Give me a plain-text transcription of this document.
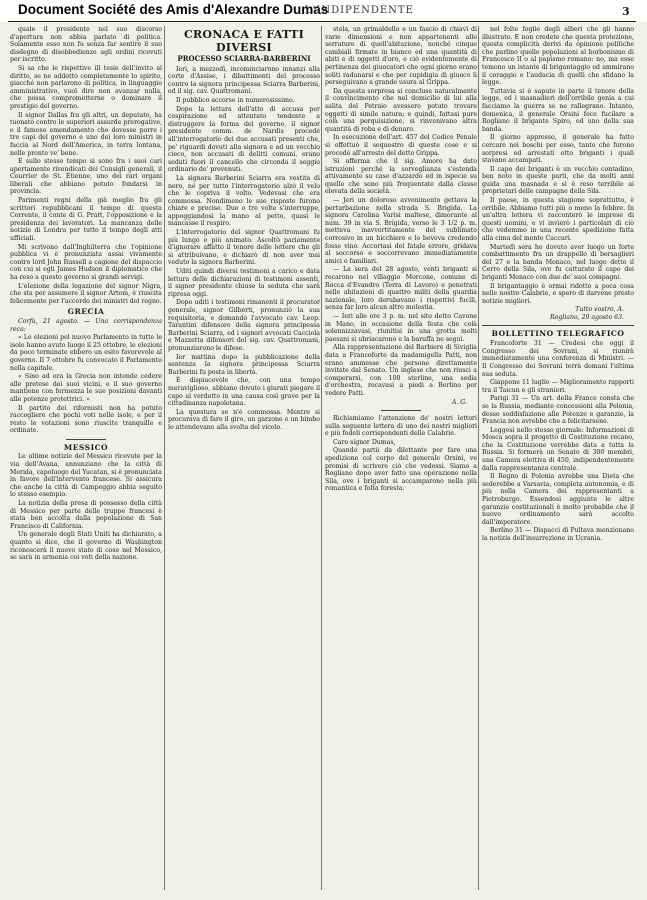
Document Société des Amis d'Alexandre Dumas
L'INDIPENDENTE	3

quale il presidente nel suo discorso d'apertura non abbia parlato di politica. Solamente esso non fu senza far sentire il suo disdegno di disobbedienze agli ordini ricevuti per iscritto.

Si sa che le rispettive ill tesie dell'invito al diritto, se ne addotto completamente lo spirito, giacché non parlarono di politica, in linguaggio amministrativo, vuol dire non avanzar nulla, che possa comprometterne o dominare il prestigio del governo.

Il signor Dallas fra gli altri, un deputato, ha tuonato contro le superiori assurde prerogative, e il famoso emendamento che dovesse porre i tre capi del governo e uno dei loro ministri in faccia al Nord dell'America, in terra lontana, nelle pronte ve' bene.

E sullo stesso tempo si sono fra i suoi cari apertamente rivendicati dei Consigli generali, il Courrier de St. Étienne, uno dei rari organi liberali che abbiano potuto fondarsi in provincia.

Parimenti regni della già meglio fra gli scrittori repubblicani il tempo di questa Corrente, il conte di G. Pratt, l'opposizione e la presidenza dei lavoratori. La mancanza delle notizie di Londra per tutto il tempo degli atti ufficiali.

Mi scrivono dall'Inghilterra che l'opinione pubblica vi è pronunziata assai vivamente contro lord John Russell a cagione del dispaccio con cui si egli James Hudson il diplomatico che ha reso a questo governo sì grandi servigi.

L'elezione della legazione del signor Nigra, che sta per assumere il signor Artom, è riuscita felicemente per l'accordo dei ministri del regno.

GRECIA

Corfù, 21 agosto. — Una corrispondenza reca:

« Le elezioni pel nuovo Parlamento in tutte le isole hanno avuto luogo il 25 ottobre, le elezioni da poco terminate ebbero un esito favorevole al governo. Il 7 ottobre fu convocato il Parlamento nella capitale.

« Sino ad ora la Grecia non intende cedere alle pretese dei suoi vicini, e il suo governo mantiene con fermezza le sue posizioni davanti alle potenze protettrici. »

Il partito dei riformisti non ha potuto raccogliere che pochi voti nelle isole, e per il resto le votazioni sono riuscite tranquille e ordinate.

MESSICO

Le ultime notizie del Messico ricevute per la via dell'Avana, annunziano che la città di Merida, capoluogo del Yucatan, si è pronunciata in favore dell'intervento francese. Si assicura che anche la città di Campeggio abbia seguito lo stesso esempio.

La notizia della presa di possesso della città di Messico per parte delle truppe francesi è stata ben accolta dalla popolazione di San Francisco di California.

Un generale degli Stati Uniti ha dichiarato, a quanto si dice, che il governo di Washington riconoscerà il nuovo stato di cose nel Messico, se sarà in armonia coi voti della nazione.

CRONACA E FATTI DIVERSI
PROCESSO SCIARRA-BARBERINI

Ieri, a mezzodì, incominciarono innanzi alla corte d'Assise, i dibattimenti del processo contro la signora principessa Sciarra Barberini, ed il sig. cav. Quattromani.

Il pubblico accorse in numerosissimo.

Dopo la lettura dell'atto di accusa per cospirazione ed attentato tendente a distruggere la forma del governo, il signor presidente comm. de Nardis procedé all'interrogatorio dei due accusati presenti che, pe' riguardi dovuti alla signora e ad un vecchio cieco, non accusati di delitti comuni, erano seduti fuori il cancello che circonda il seggio ordinario de' prevenuti.

La signora Barberini Sciarra era vestita di nero, né per tutto l'interrogatorio alzò il velo che le copriva il volto. Vedevasi che era commossa. Nondimeno le sue risposte furono chiare e precise. Due o tre volte s'interruppe, appoggiandosi la mano al petto, quasi le mancasse il respiro.

L'interrogatorio del signor Quattromani fu più lungo e più animato. Ascoltò pariamente d'ignorare affatto il tenore delle lettere che gli si attribuivano, e dichiarò di non aver mai veduto la signora Barberini.

Uditi quindi diversi testimoni a carico e data lettura delle dichiarazioni di testimoni assenti, il signor presidente chiuse la seduta che sarà ripresa oggi.

Dopo uditi i testimoni rimanenti il procurator generale, signor Gilberti, pronunziò la sua requisitoria, e domandò l'avvocato cav. Leop. Tarantini difensore della signora principessa Barberini Sciarra, ed i signori avvocati Cacciola e Mazzetta difensori del sig. cav. Quattromani, pronunziarono le difese.

Ier mattina dopo la pubblicazione della sentenza la signora principessa Sciarra Barberini fu posta in libertà.

È dispiacevole che, con una tempo meraviglioso, abbiano dovuto i giurati piegare il capo al verdetto in una causa così grave per la cittadinanza napoletana.

La questura se n'è commossa. Mentre si procurava di fare il giro, un garzone e un bimbo lo attendevano alla svolta del vicolo.

stola, un grimaldello e un fascio di chiavi di varie dimensioni e non appartenenti alle serrature di quell'abitazione, nonché cinque cambiali firmate in bianco ed una quantità di abiti e di oggetti d'oro, e ciò evidentemente di pertinenza dei giuocatori che ogni giorno erano soliti radunarsi e che per cupidigia di giuoco li perseguivano a grande usura al Grippa.

Da questa sorpresa si concluse naturalmente il convincimento che nel domicilio di lui alla salita del Petraio avessero potuto trovare oggetti di simile natura; e quindi, fattasi pure colà una perquisizione, si rinvenivano altra quantità di roba e di denaro.

In esecuzione dell'art. 457 del Codice Penale si effettuò il sequestro di queste cose e si procedé all'arresto del detto Grippa.

Si afferma che il sig. Amore ha dato istruzioni perché la sorveglianza s'estenda attivamente su case d'azzardo ed in ispecie su quelle che sono più frequentate dalla classe elevata della società.

— Jeri un doloroso avvenimento gettava la perturbazione nella strada S. Brigida. La signora Carolina Varisi maltese, dimorante al num. 39 in via S. Brigida, verso le 3 1/2 p. m. metteva inavvertitamente del sublimato corrosivo in un bicchiere e lo beveva credendo fosse vino. Accortasi del fatale errore, gridava al soccorso e soccorrevano immediatamente amici e familiari.

— La sera del 28 agosto, venti briganti si recarono nel villaggio Morcone, comune di Rocca d'Evandro (Terra di Lavoro) e penetrati nelle abitazioni di quattro militi della guardia nazionale, loro derubavano i rispettivi fucili, senza far loro alcun altro molestia.

— Ieri alle ore 3 p. m. nel sito detto Cavone in Mano, in occasione della festa che colà solennizzavasi, riunitisi in una grotta molti paesani si ubriacarono e la baruffa ne seguì.

Alla rappresentazione del Barbiere di Siviglia data a Francoforte da madamigella Patti, non erano ammesse che persone direttamente invitate dal Senato. Un inglese che non riusci a comperarsi, con 100 sterline, una sedia d'orchestra, recavasi a piedi a Berlino per vedere Patti.

A. G.

Richiamiamo l'attenzione de' nostri lettori sulla seguente lettera di uno dei nostri migliori e più fedeli corrispondenti delle Calabrie.

Caro signor Dumas,

Quando partii da dilettante per fare una spedizione col corpo del generale Orsini, ve promisi di scrivere ciò che vedessi. Siamo a Rogliano dopo aver fatto una operazione nella Sila, ove i briganti si accamparono nella più romantica e folta foresta.

nel folte foglie degli alberi che gli hanno illustrato. E non credete che questa protezione, questa complicità derivi da opinione politiche che parlino quelle popolazioni al borbonismo di Francesco II o al papismo romano: no, ma esse temono un istante di brigantaggio ed ammirano il coraggio e l'audacia di quelli che sfidano la legge.

Tuttavia si è saputo in parte il tenore della legge, ed i masnadieri dell'orribile genia a cui facciamo la guerra se ne rallegrano. Intanto, domenica, il generale Orsini fece fucilare a Rogliano il brigante Spiro, ed uno della sua banda.

Il giorno appresso, il generale ha fatto cercare nei boschi per esso, tanto che furono sorpresi ed arrestati otto briganti i quali stavano accampati.

Il capo dei briganti è un vecchio contadino, ben noto in queste parti, che da molti anni guida una masnada e si è reso terribile ai proprietari delle campagne della Sila.

Il paese, in questa stagione soprattutto, è orribile. Abbiamo tutti più o meno la febbre. In un'altra lettera vi racconterò le imprese di questi uomini, e vi invierò i particolari di ciò che vedemmo in una recente spedizione fatta alla cima del monte Caccuri.

Martedì sera ho dovuto aver luogo un forte combattimento fra un drappello di bersaglieri del 27 e la banda Monaco, nel luogo detto il Cerro della Sila, ove fu catturato il capo dei briganti Monaco con due de' suoi compagni.

Il brigantaggio è ormai ridotto a poca cosa nelle nostre Calabrie, e spero di darvene presto notizie migliori.

Tutto vostro, A.
Rogliano, 29 agosto 63.
BOLLETTINO TELEGRAFICO

Francoforte 31 — Credesi che oggi il Congresso dei Sovrani, si riunirà immediatamente una conferenza di Ministri. — Il Congresso dei Sovrani terrà domani l'ultima sua seduta.

Giappone 11 luglio — Miglioramento rapporti tra il Taicun e gli stranieri.

Parigi 31 — Un art. della France consta che se la Russia, mediante concessioni alla Polonia, desse soddisfazione alle Potenze e garanzie, la Francia non avrebbe che a felicitarsene.

Leggesi nello stesso giornale: Informazioni di Mosca sopra il progetto di Costituzione recano, che la Costituzione verrebbe data a tutta la Russia. Si formerà un Senato di 300 membri, una Camera elettiva di 450, indipendentemente dalla rappresentanza centrale.

Il Regno di Polonia avrebbe una Dieta che sederebbe a Varsavia, completa autonomia, e di più nella Camera dei rappresentanti a Pietroburgo. Essendosi aggiunte le altre garanzie costituzionali è molto probabile che il nuovo ordinamento sarà accolto dall'imperatore.

Berlino 31 — Dispacci di Pultava menzionano la notizia dell'insurrezione in Ucrania.
